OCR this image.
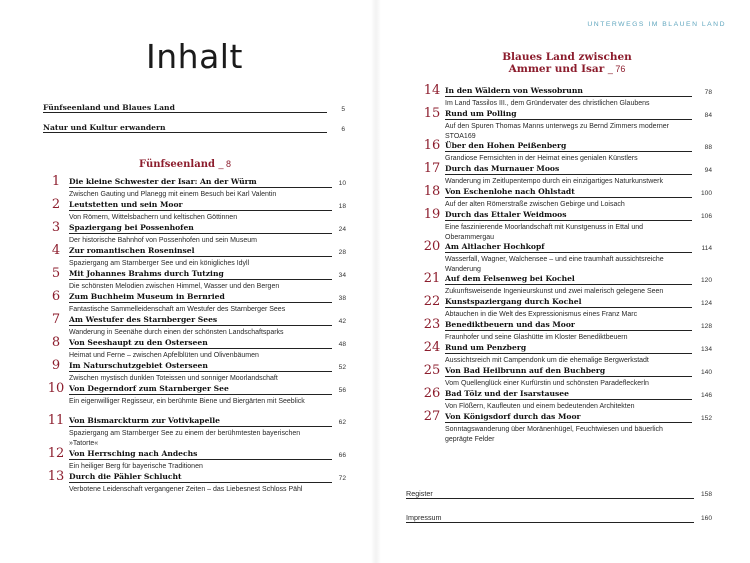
Inhalt
Fünfseenland und Blaues Land	5
Natur und Kultur erwandern	6
Fünfseenland _ 8
1	Die kleine Schwester der Isar: An der Würm	10
Zwischen Gauting und Planegg mit einem Besuch bei Karl Valentin
2	Leutstetten und sein Moor	18
Von Römern, Wittelsbachern und keltischen Göttinnen
3	Spaziergang bei Possenhofen	24
Der historische Bahnhof von Possenhofen und sein Museum
4	Zur romantischen Roseninsel	28
Spaziergang am Starnberger See und ein königliches Idyll
5	Mit Johannes Brahms durch Tutzing	34
Die schönsten Melodien zwischen Himmel, Wasser und den Bergen
6	Zum Buchheim Museum in Bernried	38
Fantastische Sammelleidenschaft am Westufer des Starnberger Sees
7	Am Westufer des Starnberger Sees	42
Wanderung in Seenähe durch einen der schönsten Landschaftsparks
8	Von Seeshaupt zu den Osterseen	48
Heimat und Ferne – zwischen Apfelblüten und Olivenbäumen
9	Im Naturschutzgebiet Osterseen	52
Zwischen mystisch dunklen Toteissen und sonniger Moorlandschaft
10 Von Degerndorf zum Starnberger See	56
Ein eigenwilliger Regisseur, ein berühmte Biene und Biergärten mit Seeblick
11 Von Bismarckturm zur Votivkapelle	62
Spaziergang am Starnberger See zu einem der berühmtesten bayerischen »Tatorte«
12 Von Herrsching nach Andechs	66
Ein heiliger Berg für bayerische Traditionen
13 Durch die Pähler Schlucht	72
Verbotene Leidenschaft vergangener Zeiten – das Liebesnest Schloss Pähl
UNTERWEGS IM BLAUEN LAND
Blaues Land zwischen
Ammer und Isar _ 76
14 In den Wäldern von Wessobrunn	78
Im Land Tassilos III., dem Gründervater des christlichen Glaubens
15 Rund um Polling	84
Auf den Spuren Thomas Manns unterwegs zu Bernd Zimmers moderner STOA169
16 Über den Hohen Peißenberg	88
Grandiose Fernsichten in der Heimat eines genialen Künstlers
17 Durch das Murnauer Moos	94
Wanderung im Zeitlupentempo durch ein einzigartiges Naturkunstwerk
18 Von Eschenlohe nach Ohlstadt	100
Auf der alten Römerstraße zwischen Gebirge und Loisach
19 Durch das Ettaler Weidmoos	106
Eine faszinierende Moorlandschaft mit Kunstgenuss in Ettal und Oberammergau
20 Am Altlacher Hochkopf	114
Wasserfall, Wagner, Walchensee – und eine traumhaft aussichtsreiche Wanderung
21 Auf dem Felsenweg bei Kochel	120
Zukunftsweisende Ingenieurskunst und zwei malerisch gelegene Seen
22 Kunstspaziergang durch Kochel	124
Abtauchen in die Welt des Expressionismus eines Franz Marc
23 Benediktbeuern und das Moor	128
Fraunhofer und seine Glashütte im Kloster Benediktbeuern
24 Rund um Penzberg	134
Aussichtsreich mit Campendonk um die ehemalige Bergwerkstadt
25 Von Bad Heilbrunn auf den Buchberg	140
Vom Quellenglück einer Kurfürstin und schönsten Paradefleckerln
26 Bad Tölz und der Isarstausee	146
Von Flößern, Kaufleuten und einem bedeutenden Architekten
27 Von Königsdorf durch das Moor	152
Sonntagswanderung über Moränenhügel, Feuchtwiesen und bäuerlich geprägte Felder
Register	158
Impressum	160
